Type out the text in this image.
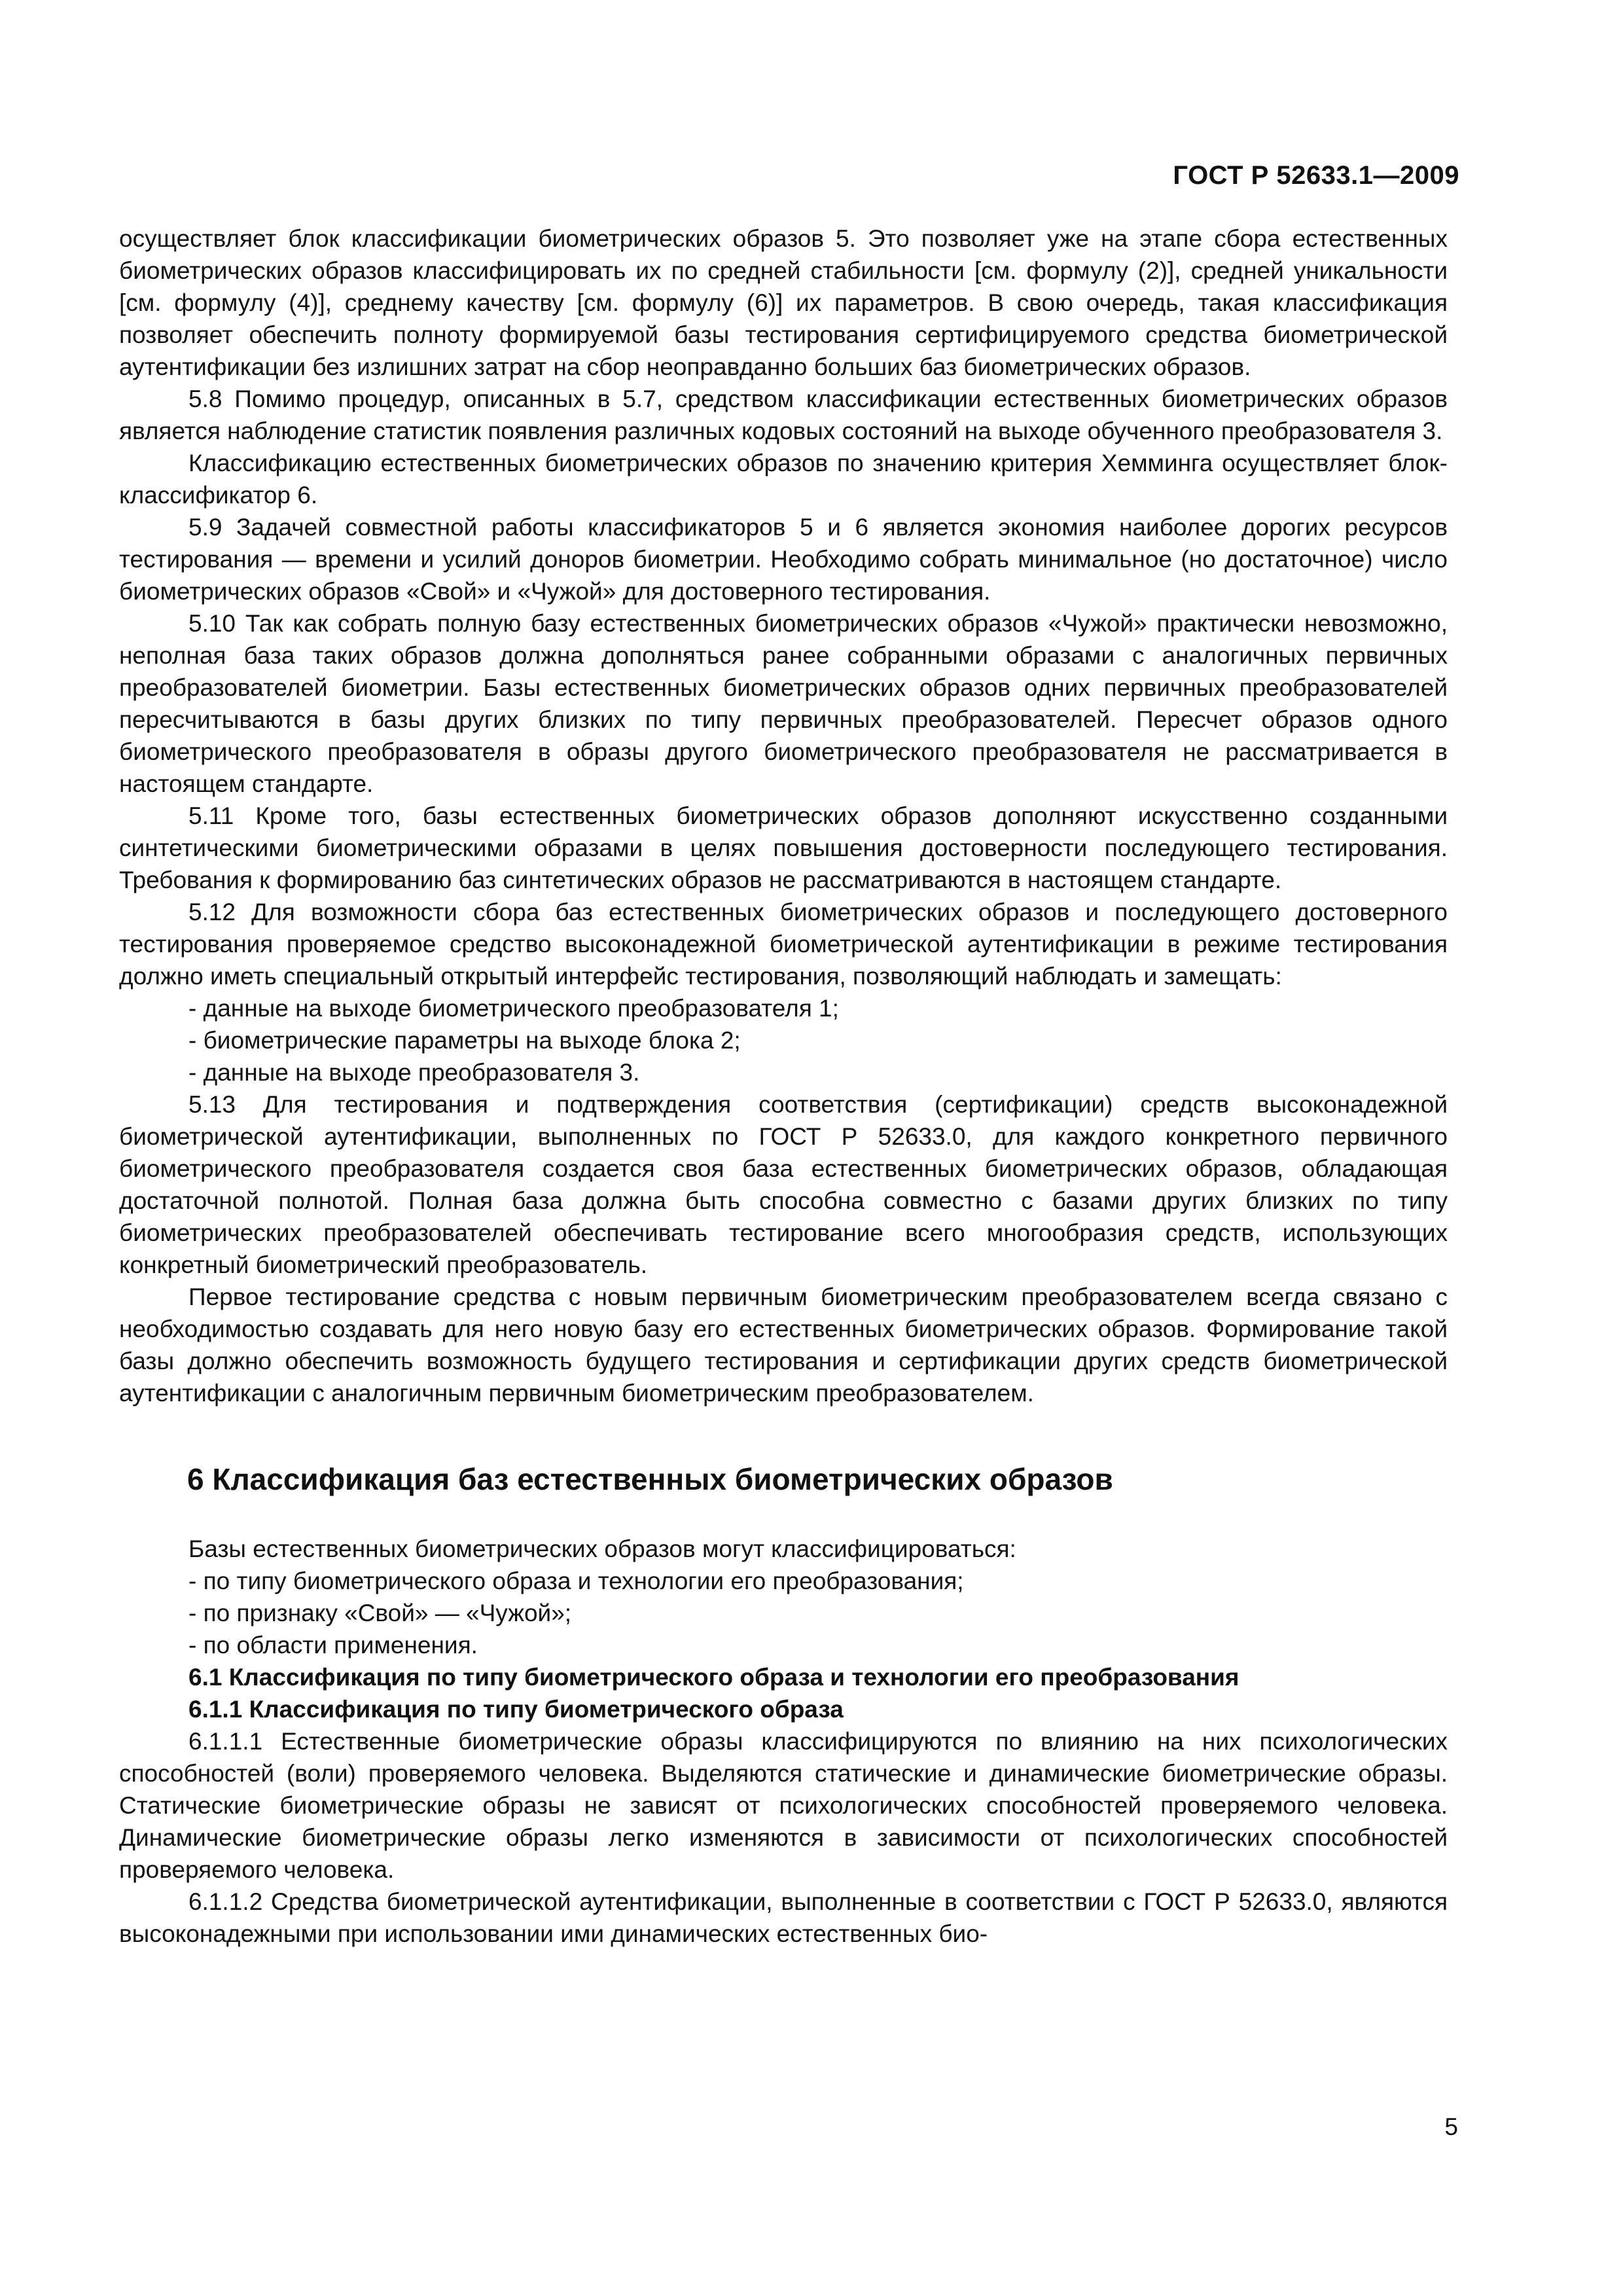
ГОСТ Р 52633.1—2009

осуществляет блок классификации биометрических образов 5. Это позволяет уже на этапе сбора естественных биометрических образов классифицировать их по средней стабильности [см. формулу (2)], средней уникальности [см. формулу (4)], среднему качеству [см. формулу (6)] их параметров. В свою очередь, такая классификация позволяет обеспечить полноту формируемой базы тестирования сертифицируемого средства биометрической аутентификации без излишних затрат на сбор неоправданно больших баз биометрических образов.

5.8 Помимо процедур, описанных в 5.7, средством классификации естественных биометрических образов является наблюдение статистик появления различных кодовых состояний на выходе обученного преобразователя 3.

Классификацию естественных биометрических образов по значению критерия Хемминга осуществляет блок-классификатор 6.

5.9 Задачей совместной работы классификаторов 5 и 6 является экономия наиболее дорогих ресурсов тестирования — времени и усилий доноров биометрии. Необходимо собрать минимальное (но достаточное) число биометрических образов «Свой» и «Чужой» для достоверного тестирования.

5.10 Так как собрать полную базу естественных биометрических образов «Чужой» практически невозможно, неполная база таких образов должна дополняться ранее собранными образами с аналогичных первичных преобразователей биометрии. Базы естественных биометрических образов одних первичных преобразователей пересчитываются в базы других близких по типу первичных преобразователей. Пересчет образов одного биометрического преобразователя в образы другого биометрического преобразователя не рассматривается в настоящем стандарте.

5.11 Кроме того, базы естественных биометрических образов дополняют искусственно созданными синтетическими биометрическими образами в целях повышения достоверности последующего тестирования. Требования к формированию баз синтетических образов не рассматриваются в настоящем стандарте.

5.12 Для возможности сбора баз естественных биометрических образов и последующего достоверного тестирования проверяемое средство высоконадежной биометрической аутентификации в режиме тестирования должно иметь специальный открытый интерфейс тестирования, позволяющий наблюдать и замещать:

- данные на выходе биометрического преобразователя 1;

- биометрические параметры на выходе блока 2;

- данные на выходе преобразователя 3.

5.13 Для тестирования и подтверждения соответствия (сертификации) средств высоконадежной биометрической аутентификации, выполненных по ГОСТ Р 52633.0, для каждого конкретного первичного биометрического преобразователя создается своя база естественных биометрических образов, обладающая достаточной полнотой. Полная база должна быть способна совместно с базами других близких по типу биометрических преобразователей обеспечивать тестирование всего многообразия средств, использующих конкретный биометрический преобразователь.

Первое тестирование средства с новым первичным биометрическим преобразователем всегда связано с необходимостью создавать для него новую базу его естественных биометрических образов. Формирование такой базы должно обеспечить возможность будущего тестирования и сертификации других средств биометрической аутентификации с аналогичным первичным биометрическим преобразователем.

6 Классификация баз естественных биометрических образов

Базы естественных биометрических образов могут классифицироваться:

- по типу биометрического образа и технологии его преобразования;

- по признаку «Свой» — «Чужой»;

- по области применения.

6.1 Классификация по типу биометрического образа и технологии его преобразования

6.1.1 Классификация по типу биометрического образа

6.1.1.1 Естественные биометрические образы классифицируются по влиянию на них психологических способностей (воли) проверяемого человека. Выделяются статические и динамические биометрические образы. Статические биометрические образы не зависят от психологических способностей проверяемого человека. Динамические биометрические образы легко изменяются в зависимости от психологических способностей проверяемого человека.

6.1.1.2 Средства биометрической аутентификации, выполненные в соответствии с ГОСТ Р 52633.0, являются высоконадежными при использовании ими динамических естественных био-

5
